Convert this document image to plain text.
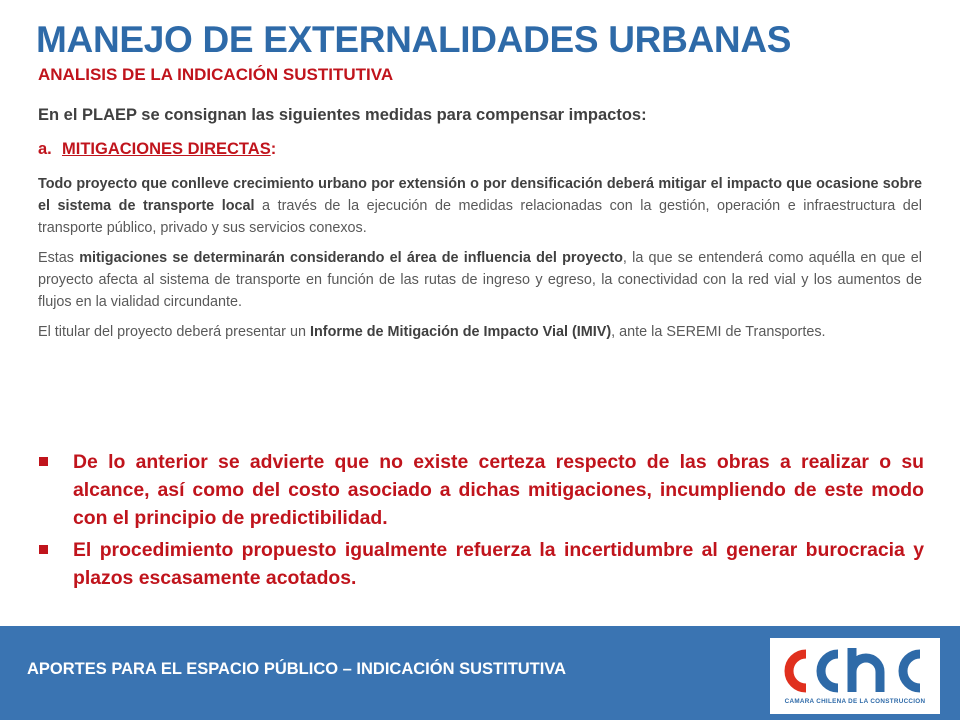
MANEJO DE EXTERNALIDADES URBANAS
ANALISIS DE LA INDICACIÓN SUSTITUTIVA
En el PLAEP se consignan las siguientes medidas para compensar impactos:
a. MITIGACIONES DIRECTAS:

Todo proyecto que conlleve crecimiento urbano por extensión o por densificación deberá mitigar el impacto que ocasione sobre el sistema de transporte local a través de la ejecución de medidas relacionadas con la gestión, operación e infraestructura del transporte público, privado y sus servicios conexos.

Estas mitigaciones se determinarán considerando el área de influencia del proyecto, la que se entenderá como aquélla en que el proyecto afecta al sistema de transporte en función de las rutas de ingreso y egreso, la conectividad con la red vial y los aumentos de flujos en la vialidad circundante.

El titular del proyecto deberá presentar un Informe de Mitigación de Impacto Vial (IMIV), ante la SEREMI de Transportes.

De lo anterior se advierte que no existe certeza respecto de las obras a realizar o su alcance, así como del costo asociado a dichas mitigaciones, incumpliendo de este modo con el principio de predictibilidad.
El procedimiento propuesto igualmente refuerza la incertidumbre al generar burocracia y plazos escasamente acotados.
APORTES PARA EL ESPACIO PÚBLICO – INDICACIÓN SUSTITUTIVA
CAMARA CHILENA DE LA CONSTRUCCION
